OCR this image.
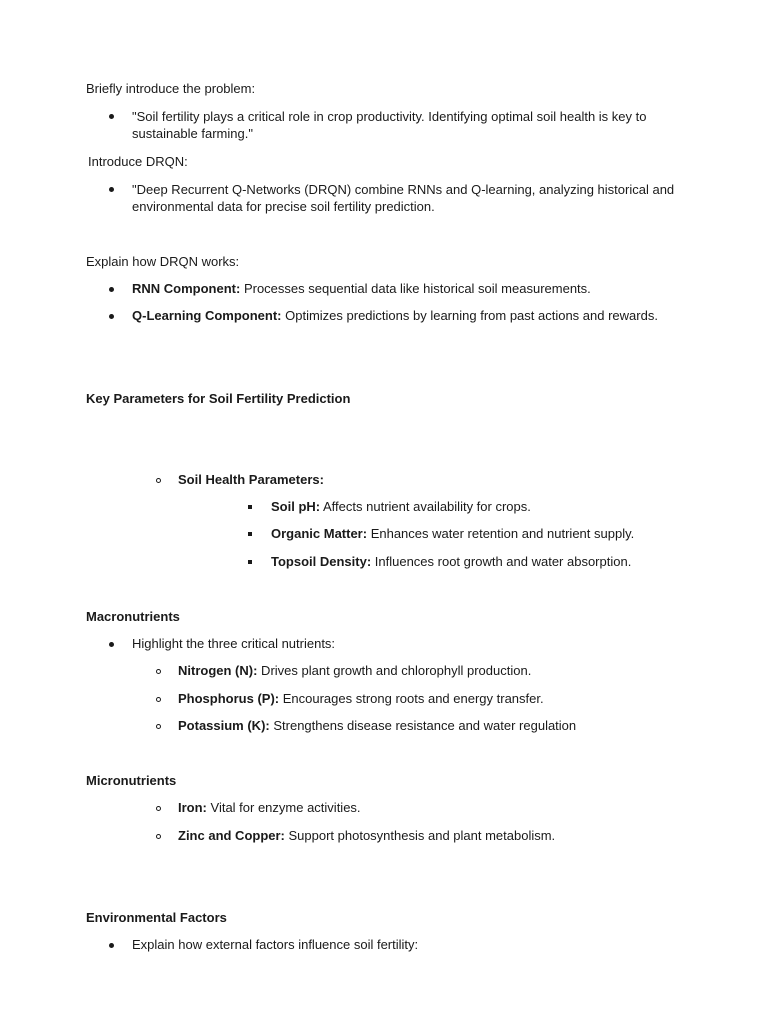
Briefly introduce the problem:
"Soil fertility plays a critical role in crop productivity. Identifying optimal soil health is key to sustainable farming."
Introduce DRQN:
"Deep Recurrent Q-Networks (DRQN) combine RNNs and Q-learning, analyzing historical and environmental data for precise soil fertility prediction.
Explain how DRQN works:
RNN Component: Processes sequential data like historical soil measurements.
Q-Learning Component: Optimizes predictions by learning from past actions and rewards.
Key Parameters for Soil Fertility Prediction
Soil Health Parameters:
Soil pH: Affects nutrient availability for crops.
Organic Matter: Enhances water retention and nutrient supply.
Topsoil Density: Influences root growth and water absorption.
Macronutrients
Highlight the three critical nutrients:
Nitrogen (N): Drives plant growth and chlorophyll production.
Phosphorus (P): Encourages strong roots and energy transfer.
Potassium (K): Strengthens disease resistance and water regulation
Micronutrients
Iron: Vital for enzyme activities.
Zinc and Copper: Support photosynthesis and plant metabolism.
Environmental Factors
Explain how external factors influence soil fertility:
